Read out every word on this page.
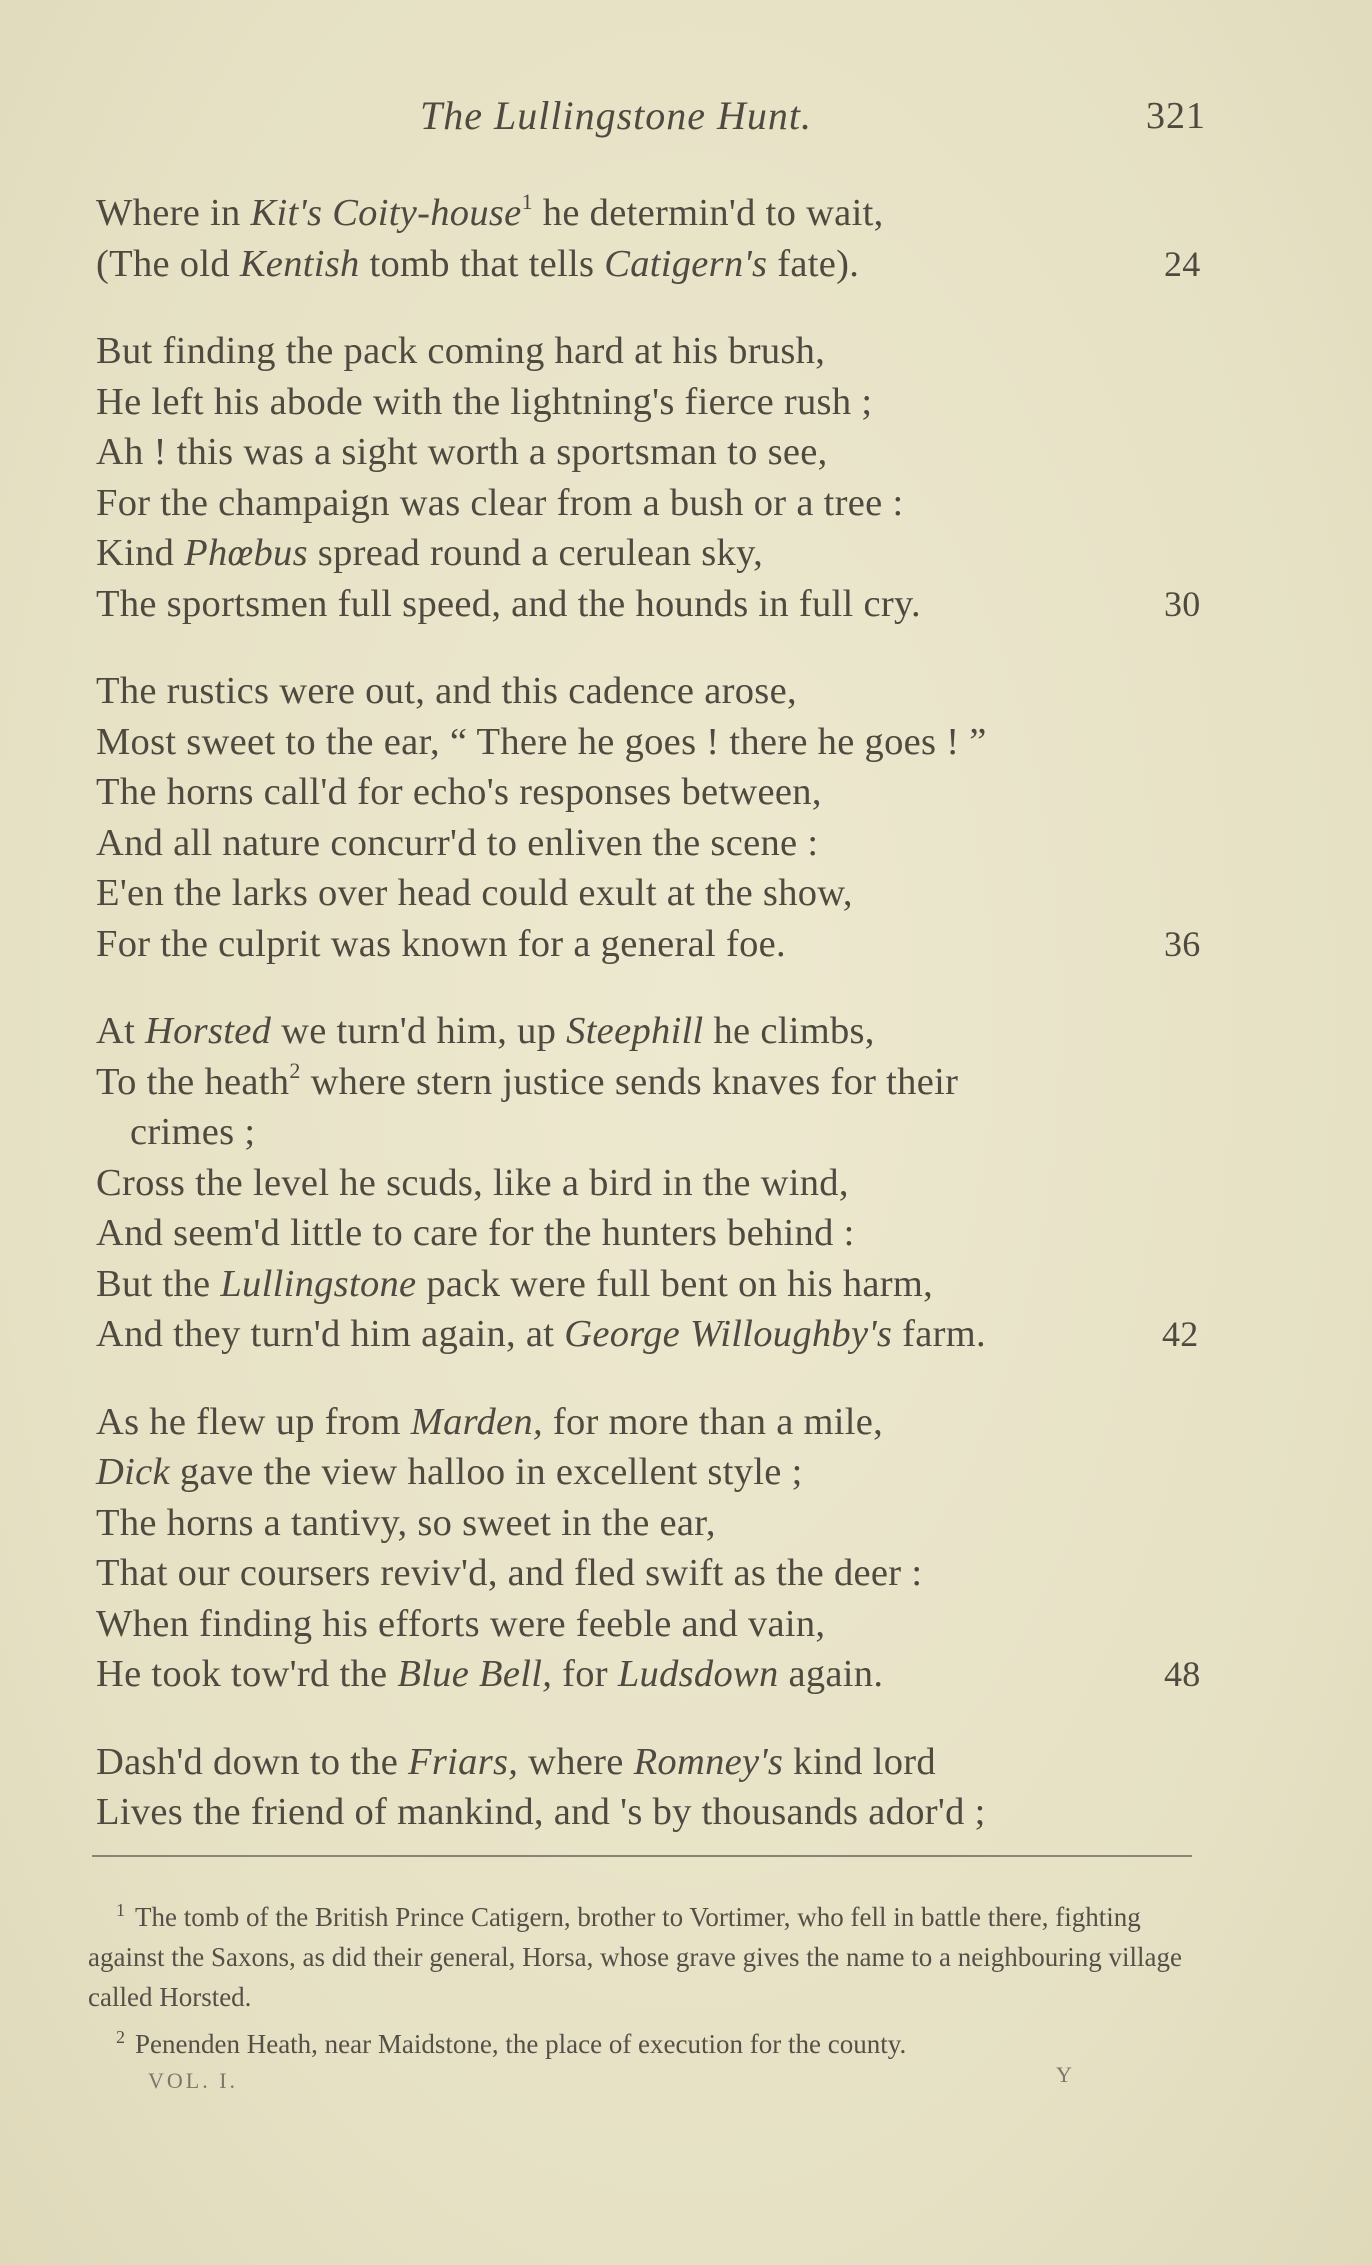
The Lullingstone Hunt.	321
Where in Kit's Coity-house$^1$ he determin'd to wait,
(The old Kentish tomb that tells Catigern's fate).	24
But finding the pack coming hard at his brush,
He left his abode with the lightning's fierce rush ;
Ah ! this was a sight worth a sportsman to see,
For the champaign was clear from a bush or a tree :
Kind Phœbus spread round a cerulean sky,
The sportsmen full speed, and the hounds in full cry.	30
The rustics were out, and this cadence arose,
Most sweet to the ear, “ There he goes ! there he goes ! ”
The horns call'd for echo's responses between,
And all nature concurr'd to enliven the scene :
E'en the larks over head could exult at the show,
For the culprit was known for a general foe.	36
At Horsted we turn'd him, up Steephill he climbs,
To the heath$^2$ where stern justice sends knaves for their
crimes ;
Cross the level he scuds, like a bird in the wind,
And seem'd little to care for the hunters behind :
But the Lullingstone pack were full bent on his harm,
And they turn'd him again, at George Willoughby's farm.	42
As he flew up from Marden, for more than a mile,
Dick gave the view halloo in excellent style ;
The horns a tantivy, so sweet in the ear,
That our coursers reviv'd, and fled swift as the deer :
When finding his efforts were feeble and vain,
He took tow'rd the Blue Bell, for Ludsdown again.	48
Dash'd down to the Friars, where Romney's kind lord
Lives the friend of mankind, and 's by thousands ador'd ;
$^1$ The tomb of the British Prince Catigern, brother to Vortimer, who fell in battle there, fighting against the Saxons, as did their general, Horsa, whose grave gives the name to a neighbouring village called Horsted.
$^2$ Penenden Heath, near Maidstone, the place of execution for the county.
VOL. I.	Y
